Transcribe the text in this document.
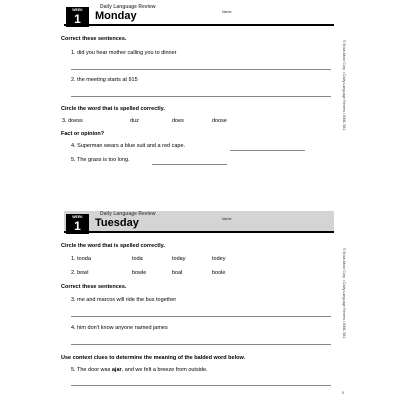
Daily Language Review
Name:
WEEK
1	Monday
Correct these sentences.
1. did you hear mother calling you to dinner
2. the meeting starts at 915
Circle the word that is spelled correctly.
3. doess	duz	does	doose
Fact or opinion?
4. Superman wears a blue suit and a red cape.
5. The grass is too long.
Daily Language Review
Name:
WEEK
1	Tuesday
Circle the word that is spelled correctly.
1. tooda	toda	today	todey
2. bowl	bowle	boal	boole
Correct these sentences.
3. me and marcos will ride the bus together
4. him don't know anyone named james
Use context clues to determine the meaning of the balded word below.
5. The door was ajar, and we felt a breeze from outside.
© Evan-Moor Corp. • Daily Language Review • EMC 581
© Evan-Moor Corp. • Daily Language Review • EMC 581
5
